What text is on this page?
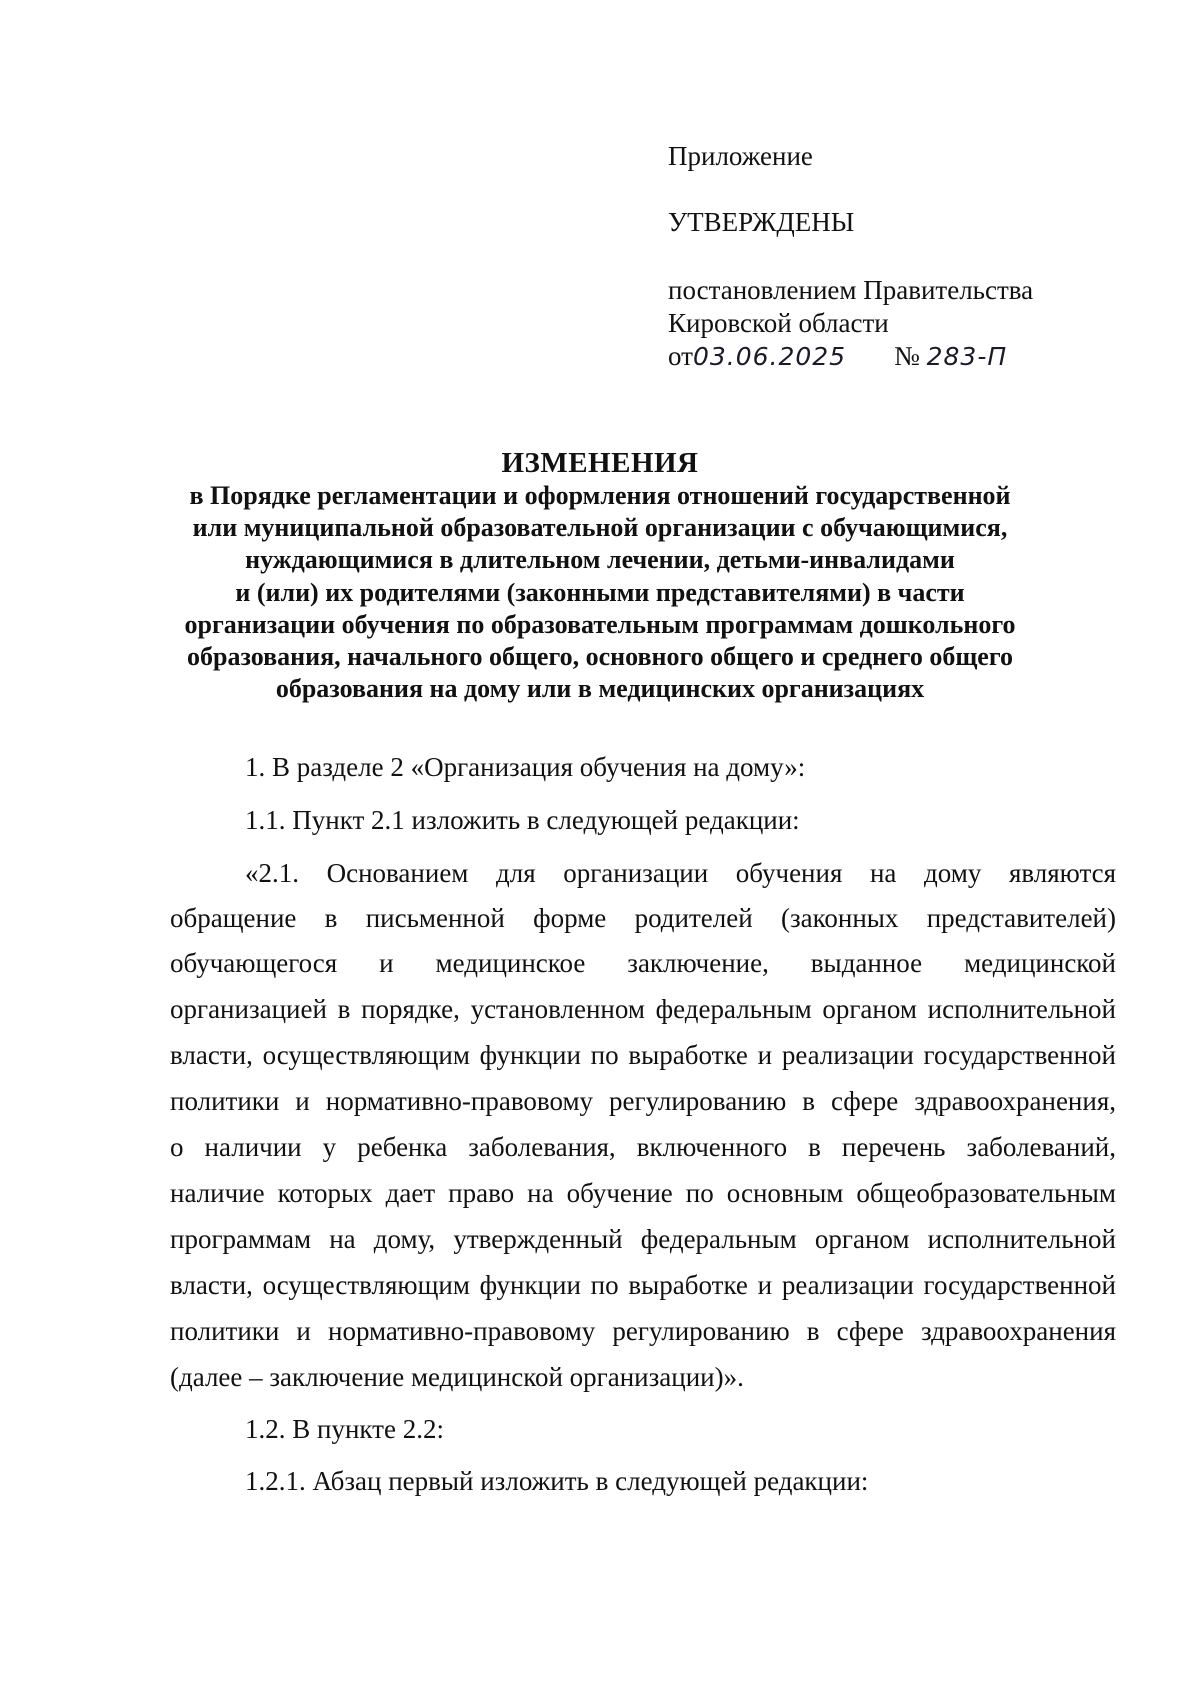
Приложение
УТВЕРЖДЕНЫ
постановлением Правительства
Кировской области
от03.06.2025 № 283-П
ИЗМЕНЕНИЯ
в Порядке регламентации и оформления отношений государственной
или муниципальной образовательной организации с обучающимися,
нуждающимися в длительном лечении, детьми-инвалидами
и (или) их родителями (законными представителями) в части
организации обучения по образовательным программам дошкольного
образования, начального общего, основного общего и среднего общего
образования на дому или в медицинских организациях
1. В разделе 2 «Организация обучения на дому»:
1.1. Пункт 2.1 изложить в следующей редакции:
«2.1. Основанием для организации обучения на дому являются
обращение в письменной форме родителей (законных представителей)
обучающегося и медицинское заключение, выданное медицинской
организацией в порядке, установленном федеральным органом исполнительной
власти, осуществляющим функции по выработке и реализации государственной
политики и нормативно-правовому регулированию в сфере здравоохранения,
о наличии у ребенка заболевания, включенного в перечень заболеваний,
наличие которых дает право на обучение по основным общеобразовательным
программам на дому, утвержденный федеральным органом исполнительной
власти, осуществляющим функции по выработке и реализации государственной
политики и нормативно-правовому регулированию в сфере здравоохранения
(далее – заключение медицинской организации)».
1.2. В пункте 2.2:
1.2.1. Абзац первый изложить в следующей редакции:
